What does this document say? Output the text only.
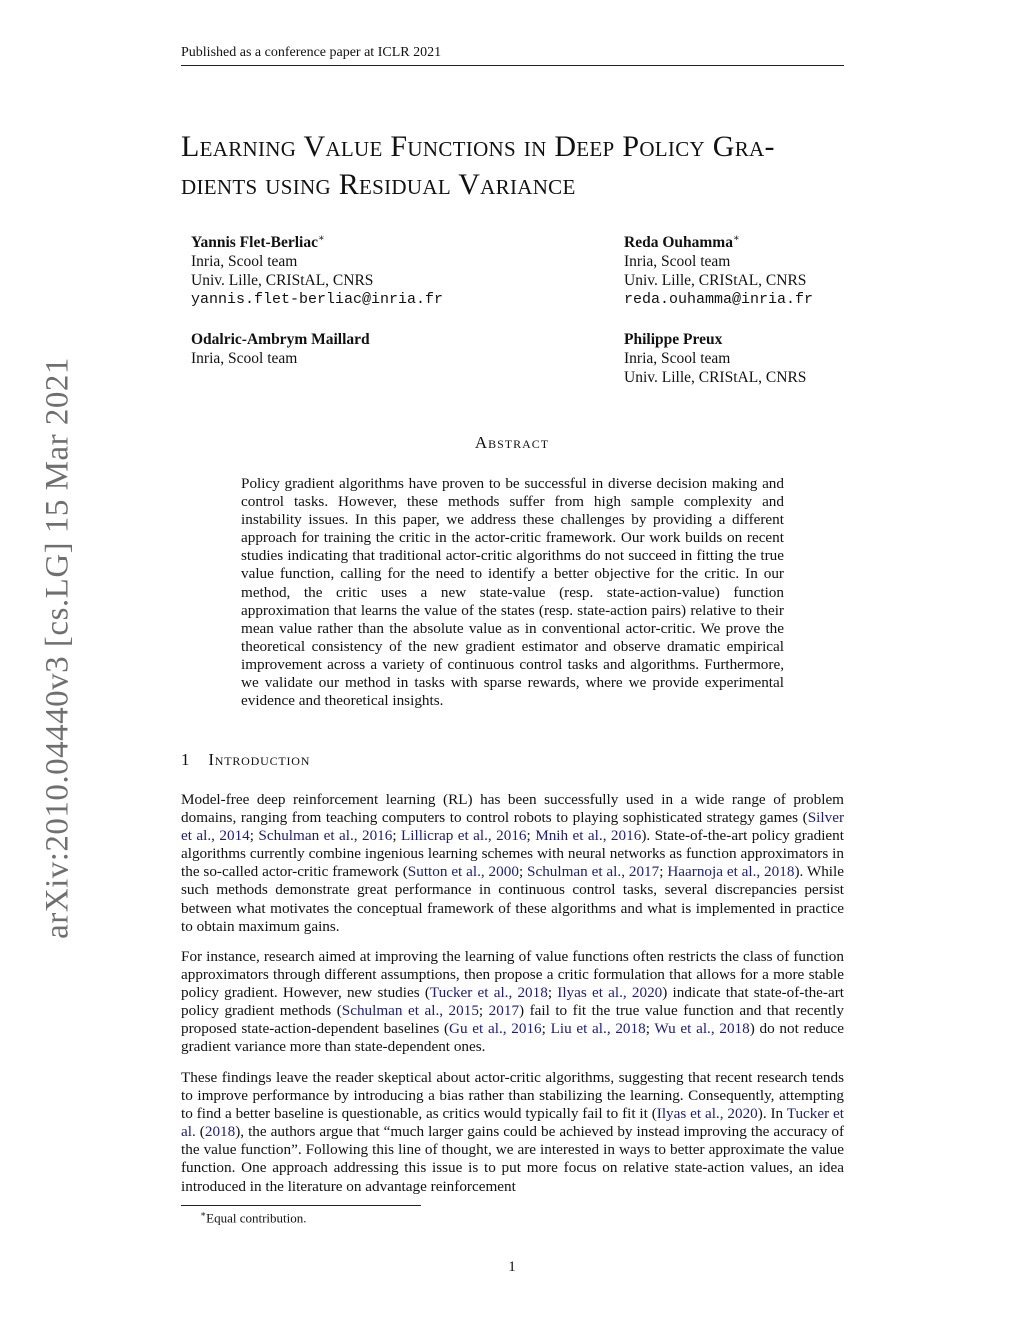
Published as a conference paper at ICLR 2021
arXiv:2010.04440v3 [cs.LG] 15 Mar 2021
Learning Value Functions in Deep Policy Gra-
dients using Residual Variance
Yannis Flet-Berliac∗
Inria, Scool team
Univ. Lille, CRIStAL, CNRS
yannis.flet-berliac@inria.fr
Reda Ouhamma∗
Inria, Scool team
Univ. Lille, CRIStAL, CNRS
reda.ouhamma@inria.fr
Odalric-Ambrym Maillard
Inria, Scool team
Philippe Preux
Inria, Scool team
Univ. Lille, CRIStAL, CNRS
Abstract

Policy gradient algorithms have proven to be successful in diverse decision making and control tasks. However, these methods suffer from high sample complexity and instability issues. In this paper, we address these challenges by providing a different approach for training the critic in the actor-critic framework. Our work builds on recent studies indicating that traditional actor-critic algorithms do not succeed in fitting the true value function, calling for the need to identify a better objective for the critic. In our method, the critic uses a new state-value (resp. state-action-value) function approximation that learns the value of the states (resp. state-action pairs) relative to their mean value rather than the absolute value as in conventional actor-critic. We prove the theoretical consistency of the new gradient estimator and observe dramatic empirical improvement across a variety of continuous control tasks and algorithms. Furthermore, we validate our method in tasks with sparse rewards, where we provide experimental evidence and theoretical insights.

1 Introduction

Model-free deep reinforcement learning (RL) has been successfully used in a wide range of problem domains, ranging from teaching computers to control robots to playing sophisticated strategy games (Silver et al., 2014; Schulman et al., 2016; Lillicrap et al., 2016; Mnih et al., 2016). State-of-the-art policy gradient algorithms currently combine ingenious learning schemes with neural networks as function approximators in the so-called actor-critic framework (Sutton et al., 2000; Schulman et al., 2017; Haarnoja et al., 2018). While such methods demonstrate great performance in continuous control tasks, several discrepancies persist between what motivates the conceptual framework of these algorithms and what is implemented in practice to obtain maximum gains.

For instance, research aimed at improving the learning of value functions often restricts the class of function approximators through different assumptions, then propose a critic formulation that allows for a more stable policy gradient. However, new studies (Tucker et al., 2018; Ilyas et al., 2020) indicate that state-of-the-art policy gradient methods (Schulman et al., 2015; 2017) fail to fit the true value function and that recently proposed state-action-dependent baselines (Gu et al., 2016; Liu et al., 2018; Wu et al., 2018) do not reduce gradient variance more than state-dependent ones.

These findings leave the reader skeptical about actor-critic algorithms, suggesting that recent research tends to improve performance by introducing a bias rather than stabilizing the learning. Consequently, attempting to find a better baseline is questionable, as critics would typically fail to fit it (Ilyas et al., 2020). In Tucker et al. (2018), the authors argue that “much larger gains could be achieved by instead improving the accuracy of the value function”. Following this line of thought, we are interested in ways to better approximate the value function. One approach addressing this issue is to put more focus on relative state-action values, an idea introduced in the literature on advantage reinforcement

∗Equal contribution.
1
